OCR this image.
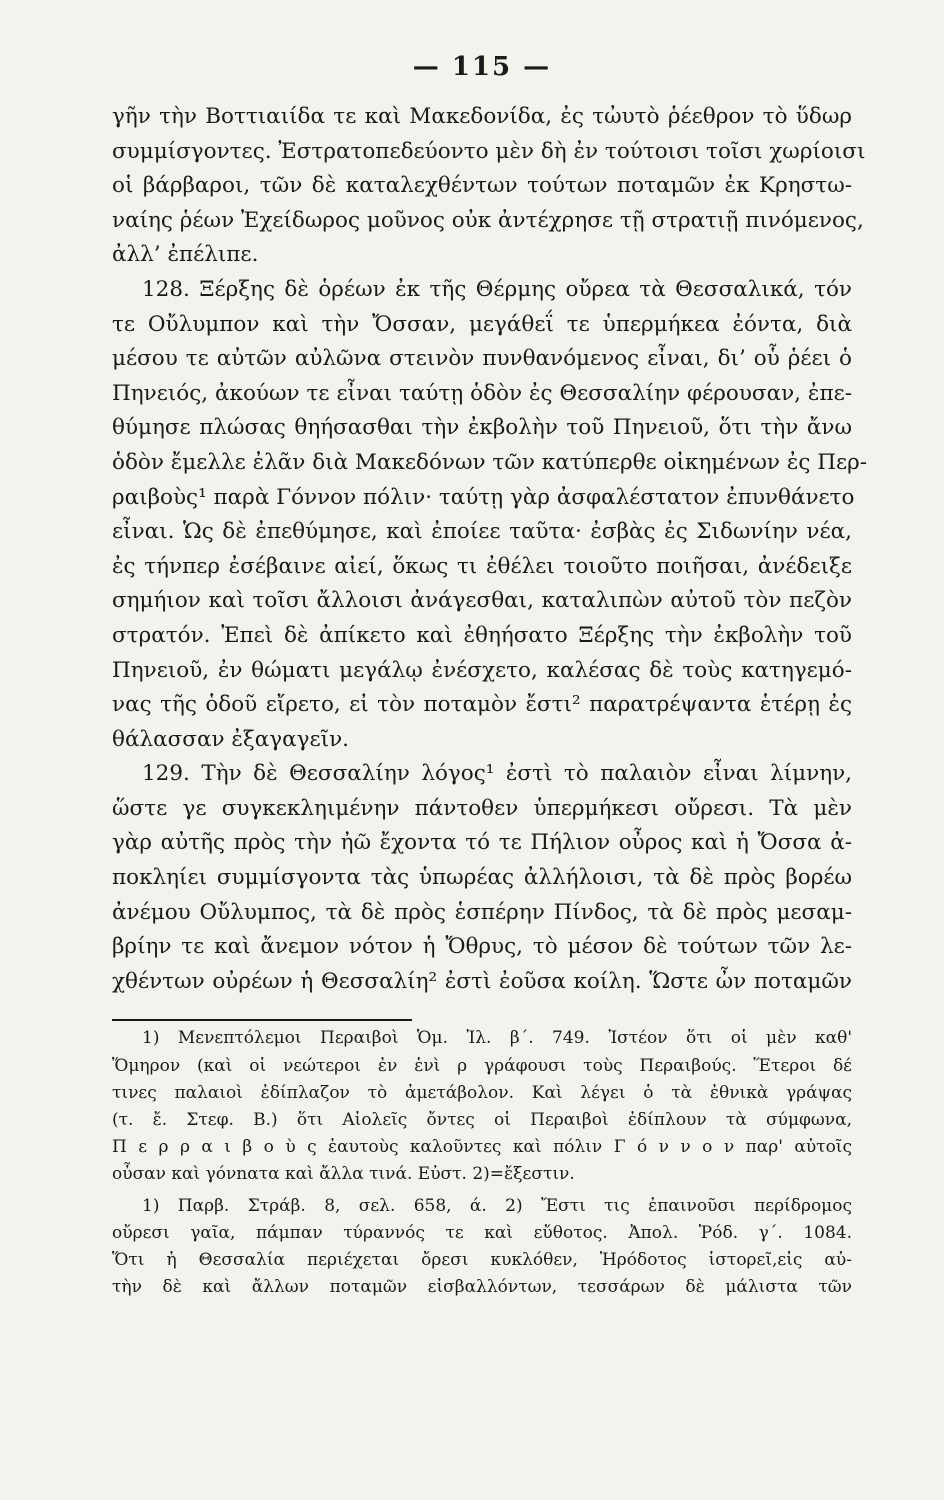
— 115 —
γῆν τὴν Βοττιαιίδα τε καὶ Μακεδονίδα, ἐς τὠυτὸ ῥέεθρον τὸ ὕδωρ
συμμίσγοντες. Ἐστρατοπεδεύοντο μὲν δὴ ἐν τούτοισι τοῖσι χωρίοισι
οἱ βάρβαροι, τῶν δὲ καταλεχθέντων τούτων ποταμῶν ἐκ Κρηστω-
ναίης ῥέων Ἐχείδωρος μοῦνος οὐκ ἀντέχρησε τῇ στρατιῇ πινόμενος,
ἀλλ’ ἐπέλιπε.
128. Ξέρξης δὲ ὁρέων ἐκ τῆς Θέρμης οὔρεα τὰ Θεσσαλικά, τόν
τε Οὔλυμπον καὶ τὴν Ὄσσαν, μεγάθεΐ τε ὑπερμήκεα ἐόντα, διὰ
μέσου τε αὐτῶν αὐλῶνα στεινὸν πυνθανόμενος εἶναι, δι’ οὗ ῥέει ὁ
Πηνειός, ἀκούων τε εἶναι ταύτῃ ὁδὸν ἐς Θεσσαλίην φέρουσαν, ἐπε-
θύμησε πλώσας θηήσασθαι τὴν ἐκβολὴν τοῦ Πηνειοῦ, ὅτι τὴν ἄνω
ὁδὸν ἔμελλε ἐλᾶν διὰ Μακεδόνων τῶν κατύπερθε οἰκημένων ἐς Περ-
ραιβοὺς¹ παρὰ Γόννον πόλιν· ταύτῃ γὰρ ἀσφαλέστατον ἐπυνθάνετο
εἶναι. Ὡς δὲ ἐπεθύμησε, καὶ ἐποίεε ταῦτα· ἐσβὰς ἐς Σιδωνίην νέα,
ἐς τήνπερ ἐσέβαινε αἰεί, ὅκως τι ἐθέλει τοιοῦτο ποιῆσαι, ἀνέδειξε
σημήιον καὶ τοῖσι ἄλλοισι ἀνάγεσθαι, καταλιπὼν αὐτοῦ τὸν πεζὸν
στρατόν. Ἐπεὶ δὲ ἀπίκετο καὶ ἐθηήσατο Ξέρξης τὴν ἐκβολὴν τοῦ
Πηνειοῦ, ἐν θώματι μεγάλῳ ἐνέσχετο, καλέσας δὲ τοὺς κατηγεμό-
νας τῆς ὁδοῦ εἴρετο, εἰ τὸν ποταμὸν ἔστι² παρατρέψαντα ἑτέρῃ ἐς
θάλασσαν ἐξαγαγεῖν.
129. Τὴν δὲ Θεσσαλίην λόγος¹ ἐστὶ τὸ παλαιὸν εἶναι λίμνην,
ὥστε γε συγκεκληιμένην πάντοθεν ὑπερμήκεσι οὔρεσι. Τὰ μὲν
γὰρ αὐτῆς πρὸς τὴν ἠῶ ἔχοντα τό τε Πήλιον οὖρος καὶ ἡ Ὄσσα ἀ-
ποκληίει συμμίσγοντα τὰς ὑπωρέας ἀλλήλοισι, τὰ δὲ πρὸς βορέω
ἀνέμου Οὔλυμπος, τὰ δὲ πρὸς ἑσπέρην Πίνδος, τὰ δὲ πρὸς μεσαμ-
βρίην τε καὶ ἄνεμον νότον ἡ Ὄθρυς, τὸ μέσον δὲ τούτων τῶν λε-
χθέντων οὐρέων ἡ Θεσσαλίη² ἐστὶ ἐοῦσα κοίλη. Ὥστε ὦν ποταμῶν
1) Μενεπτόλεμοι Περαιβοὶ Ὁμ. Ἰλ. β΄. 749. Ἰστέον ὅτι οἱ μὲν καθ'
Ὅμηρον (καὶ οἱ νεώτεροι ἐν ἑνὶ ρ γράφουσι τοὺς Περαιβούς. Ἕτεροι δέ
τινες παλαιοὶ ἐδίπλαζον τὸ ἀμετάβολον. Καὶ λέγει ὁ τὰ ἐθνικὰ γράψας
(τ. ἔ. Στεφ. Β.) ὅτι Αἰολεῖς ὄντες οἱ Περαιβοὶ ἐδίπλουν τὰ σύμφωνα,
Π ε ρ ρ α ι β ο ὺ ς ἑαυτοὺς καλοῦντες καὶ πόλιν Γ ό ν ν ο ν παρ' αὐτοῖς
οὖσαν καὶ γόνnατα καὶ ἄλλα τινά. Εὐστ. 2)=ἔξεστιν.
1) Παρβ. Στράβ. 8, σελ. 658, ά. 2) Ἔστι τις ἐπαινοῦσι περίδρομος
οὔρεσι γαῖα, πάμπαν τύραννός τε καὶ εὔθοτος. Ἀπολ. Ῥόδ. γ΄. 1084.
Ὅτι ἡ Θεσσαλία περιέχεται ὄρεσι κυκλόθεν, Ἡρόδοτος ἱστορεῖ,εἰς αὐ-
τὴν δὲ καὶ ἄλλων ποταμῶν εἰσβαλλόντων, τεσσάρων δὲ μάλιστα τῶν
